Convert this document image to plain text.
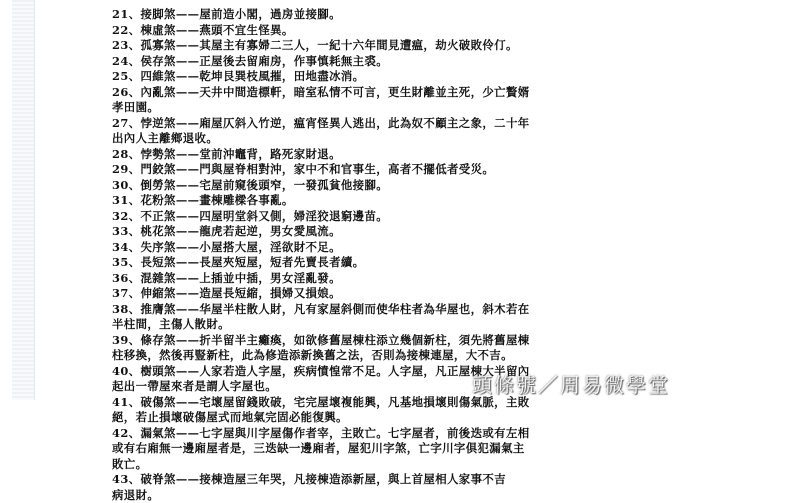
21、接脚煞——屋前造小閣，過房並接腳。
22、棟虛煞——燕頭不宜生怪異。
23、孤寡煞——其屋主有寡婦二三人，一紀十六年間見遭瘟，劫火破敗伶仃。
24、侯存煞——正屋後去留廂房，作事慎耗無主裘。
25、四維煞——乾坤艮巽枝風摧，田地盡冰消。
26、內亂煞——天井中間造標軒，暗室私情不可言，更生財離並主死，少亡贅婿
孝田園。
27、悖逆煞——廂屋仄斜入竹逆，瘟宵怪異人逃出，此為奴不顧主之象，二十年
出內人主離鄉退收。
28、悖勢煞——堂前沖竈背，路死家財退。
29、門鉸煞——門與屋脊相對沖，家中不和官事生，高者不擺低者受災。
30、倒勞煞——宅屋前窺後頭窄，一發孤貧他接腳。
31、花粉煞——畫棟雕樑各事亂。
32、不正煞——四屋明堂斜又側，婦淫狡退窮邊苗。
33、桃花煞——龍虎若起逆，男女愛風流。
34、失序煞——小屋搭大屋，淫欲財不足。
35、長短煞——長屋夾短屋，短者先賣長者續。
36、混雜煞——上插並中插，男女淫亂發。
37、伸縮煞——造屋長短縮，損婦又損娘。
38、推膺煞——华屋半柱散人財，凡有家屋斜側而使华柱者為华屋也，斜木若在
半柱間，主傷人散財。
39、條存煞——折半留半主癱瘓，如欲修舊屋棟柱添立幾個新柱，須先將舊屋棟
柱移換，然後再豎新柱，此為修造添新換舊之法，否則為接棟連屋，大不吉。
40、樹頭煞——人家若造人字屋，疾病憤惶常不足。人字屋，凡正屋棟大半留內
起出一帶屋來者是謂人字屋也。
41、破傷煞——宅壞屋留錢敗破，宅完屋壞複能興，凡基地損壞則傷氣脈，主敗
絕，若止損壞破傷屋式而地氣完固必能復興。
42、漏氣煞——七字屋與川字屋傷作者宰，主敗亡。七字屋者，前後迭或有左相
或有右廂無一邊廂屋者是，三迭缺一邊廂者，屋犯川字煞，亡字川字俱犯漏氣主
敗亡。
43、破脊煞——接棟造屋三年哭，凡接棟造添新屋，與上首屋相人家事不吉
病退財。
頭條號／周易微學堂
